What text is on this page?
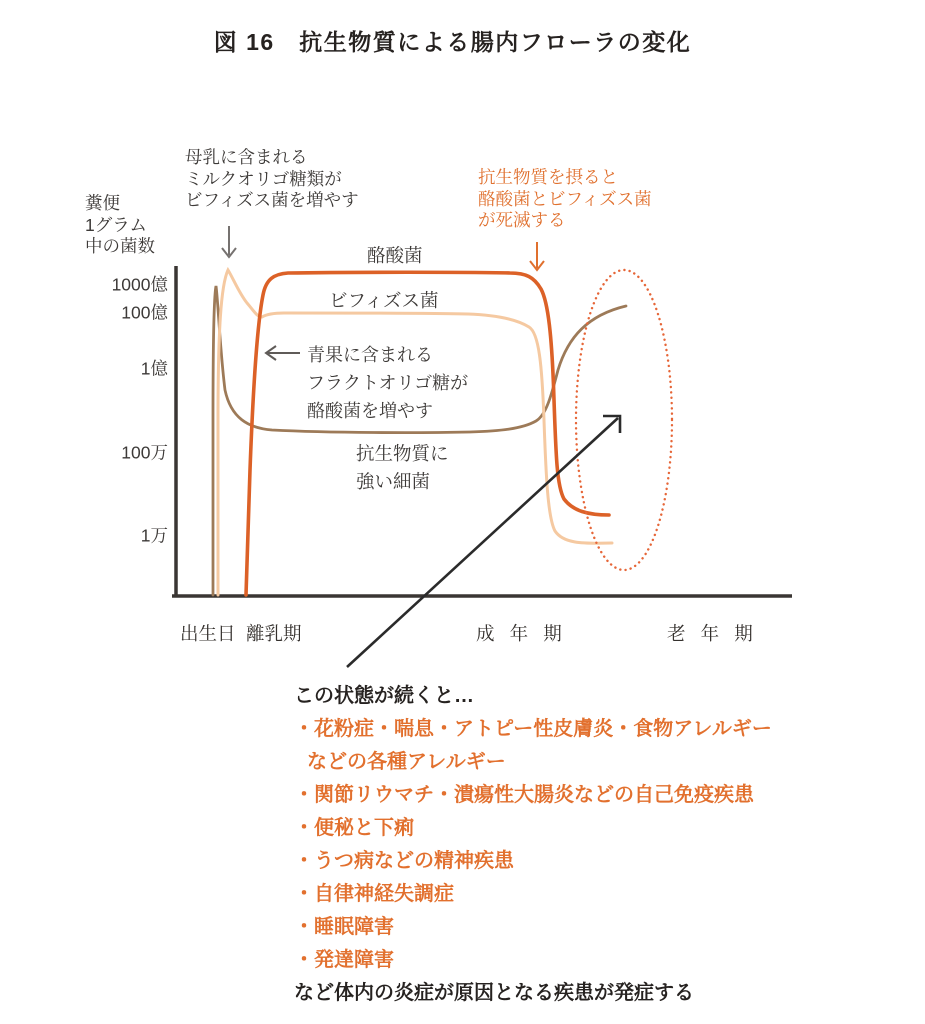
図 16　抗生物質による腸内フローラの変化
糞便
1グラム
中の菌数
1000億
100億
1億
100万
1万
母乳に含まれる
ミルクオリゴ糖類が
ビフィズス菌を増やす
抗生物質を摂ると
酪酸菌とビフィズス菌
が死滅する
酪酸菌
ビフィズス菌
青果に含まれる
フラクトオリゴ糖が
酪酸菌を増やす
抗生物質に
強い細菌
出生日 離乳期	成 年 期	老 年 期
この状態が続くと…
・花粉症・喘息・アトピー性皮膚炎・食物アレルギー
などの各種アレルギー
・関節リウマチ・潰瘍性大腸炎などの自己免疫疾患
・便秘と下痢
・うつ病などの精神疾患
・自律神経失調症
・睡眠障害
・発達障害
など体内の炎症が原因となる疾患が発症する
